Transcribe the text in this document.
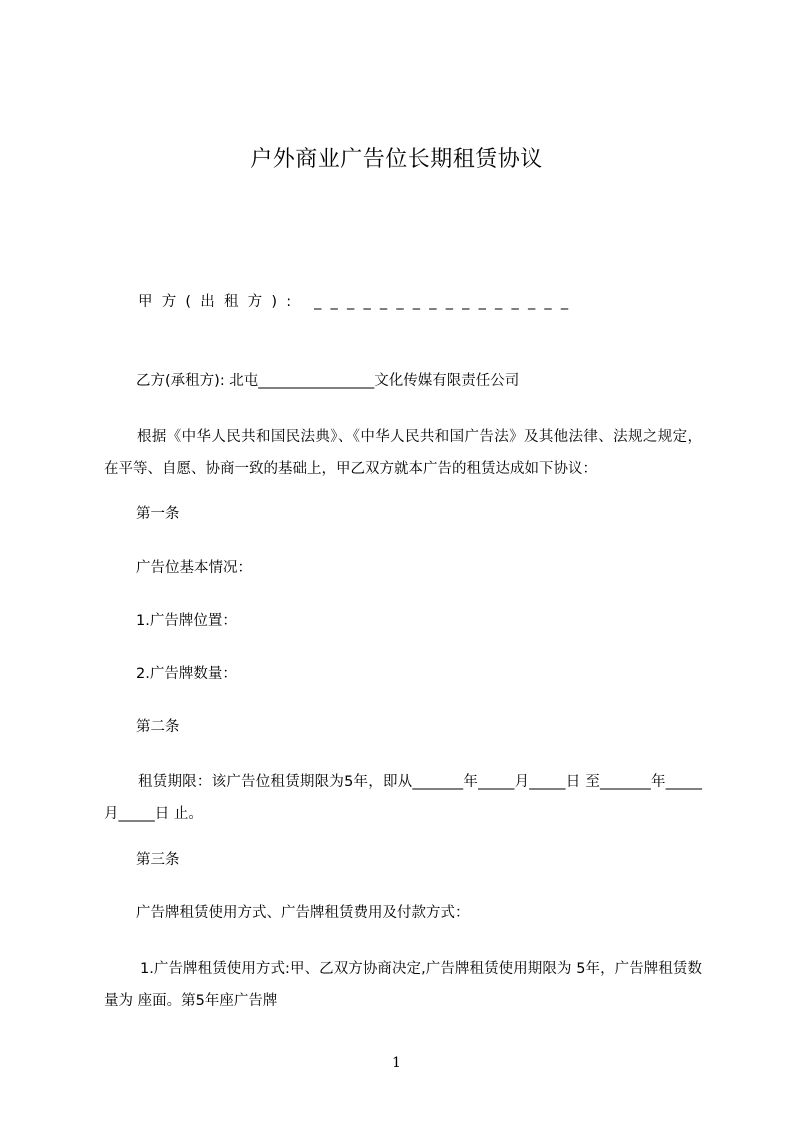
户外商业广告位长期租赁协议
甲方(出租方): ________________
乙方(承租方): 北屯________________文化传媒有限责任公司
根据《中华人民共和国民法典》、《中华人民共和国广告法》及其他法律、法规之规定，在平等、自愿、协商一致的基础上，甲乙双方就本广告的租赁达成如下协议：
第一条
广告位基本情况：
1.广告牌位置：
2.广告牌数量：
第二条
租赁期限：该广告位租赁期限为5年，即从_______年_____月_____日 至_______年_____月_____日 止。
第三条
广告牌租赁使用方式、广告牌租赁费用及付款方式：
1.广告牌租赁使用方式:甲、乙双方协商决定,广告牌租赁使用期限为 5年，广告牌租赁数量为 座面。第5年座广告牌
1
